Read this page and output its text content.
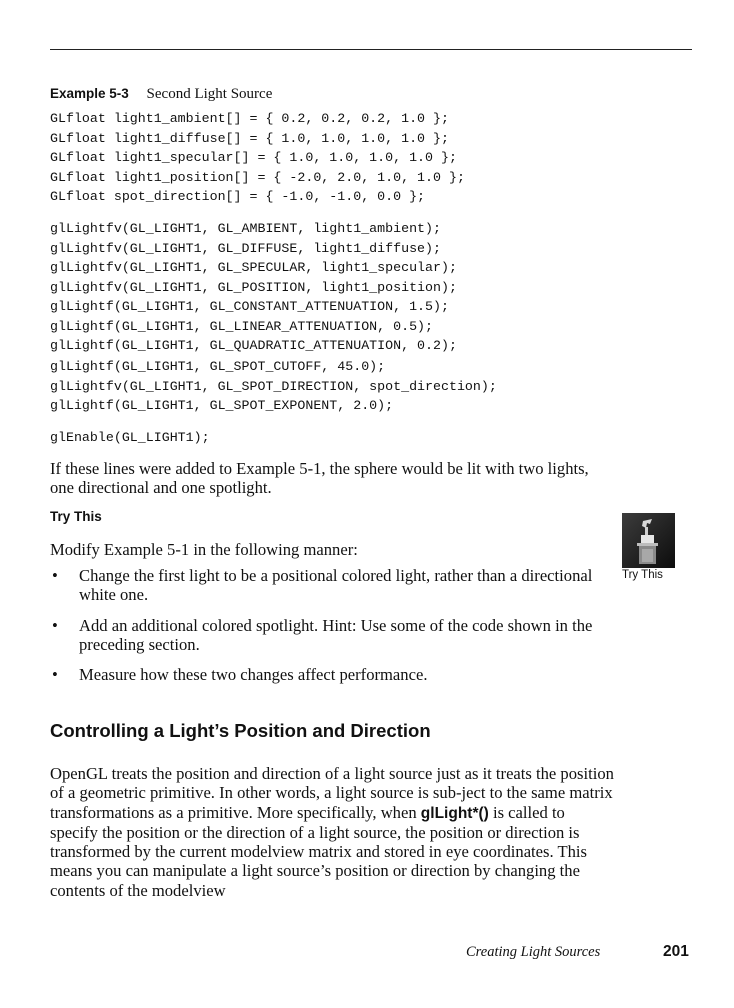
Example 5-3 Second Light Source
GLfloat light1_ambient[] = { 0.2, 0.2, 0.2, 1.0 };
GLfloat light1_diffuse[] = { 1.0, 1.0, 1.0, 1.0 };
GLfloat light1_specular[] = { 1.0, 1.0, 1.0, 1.0 };
GLfloat light1_position[] = { -2.0, 2.0, 1.0, 1.0 };
GLfloat spot_direction[] = { -1.0, -1.0, 0.0 };
glLightfv(GL_LIGHT1, GL_AMBIENT, light1_ambient);
glLightfv(GL_LIGHT1, GL_DIFFUSE, light1_diffuse);
glLightfv(GL_LIGHT1, GL_SPECULAR, light1_specular);
glLightfv(GL_LIGHT1, GL_POSITION, light1_position);
glLightf(GL_LIGHT1, GL_CONSTANT_ATTENUATION, 1.5);
glLightf(GL_LIGHT1, GL_LINEAR_ATTENUATION, 0.5);
glLightf(GL_LIGHT1, GL_QUADRATIC_ATTENUATION, 0.2);
glLightf(GL_LIGHT1, GL_SPOT_CUTOFF, 45.0);
glLightfv(GL_LIGHT1, GL_SPOT_DIRECTION, spot_direction);
glLightf(GL_LIGHT1, GL_SPOT_EXPONENT, 2.0);
glEnable(GL_LIGHT1);

If these lines were added to Example 5-1, the sphere would be lit with two lights, one directional and one spotlight.

Try This

Modify Example 5-1 in the following manner:

• Change the first light to be a positional colored light, rather than a directional white one.
• Add an additional colored spotlight. Hint: Use some of the code shown in the preceding section.
• Measure how these two changes affect performance.
Try This
Controlling a Light’s Position and Direction

OpenGL treats the position and direction of a light source just as it treats the position of a geometric primitive. In other words, a light source is sub-ject to the same matrix transformations as a primitive. More specifically, when glLight*() is called to specify the position or the direction of a light source, the position or direction is transformed by the current modelview matrix and stored in eye coordinates. This means you can manipulate a light source’s position or direction by changing the contents of the modelview

Creating Light Sources	201
